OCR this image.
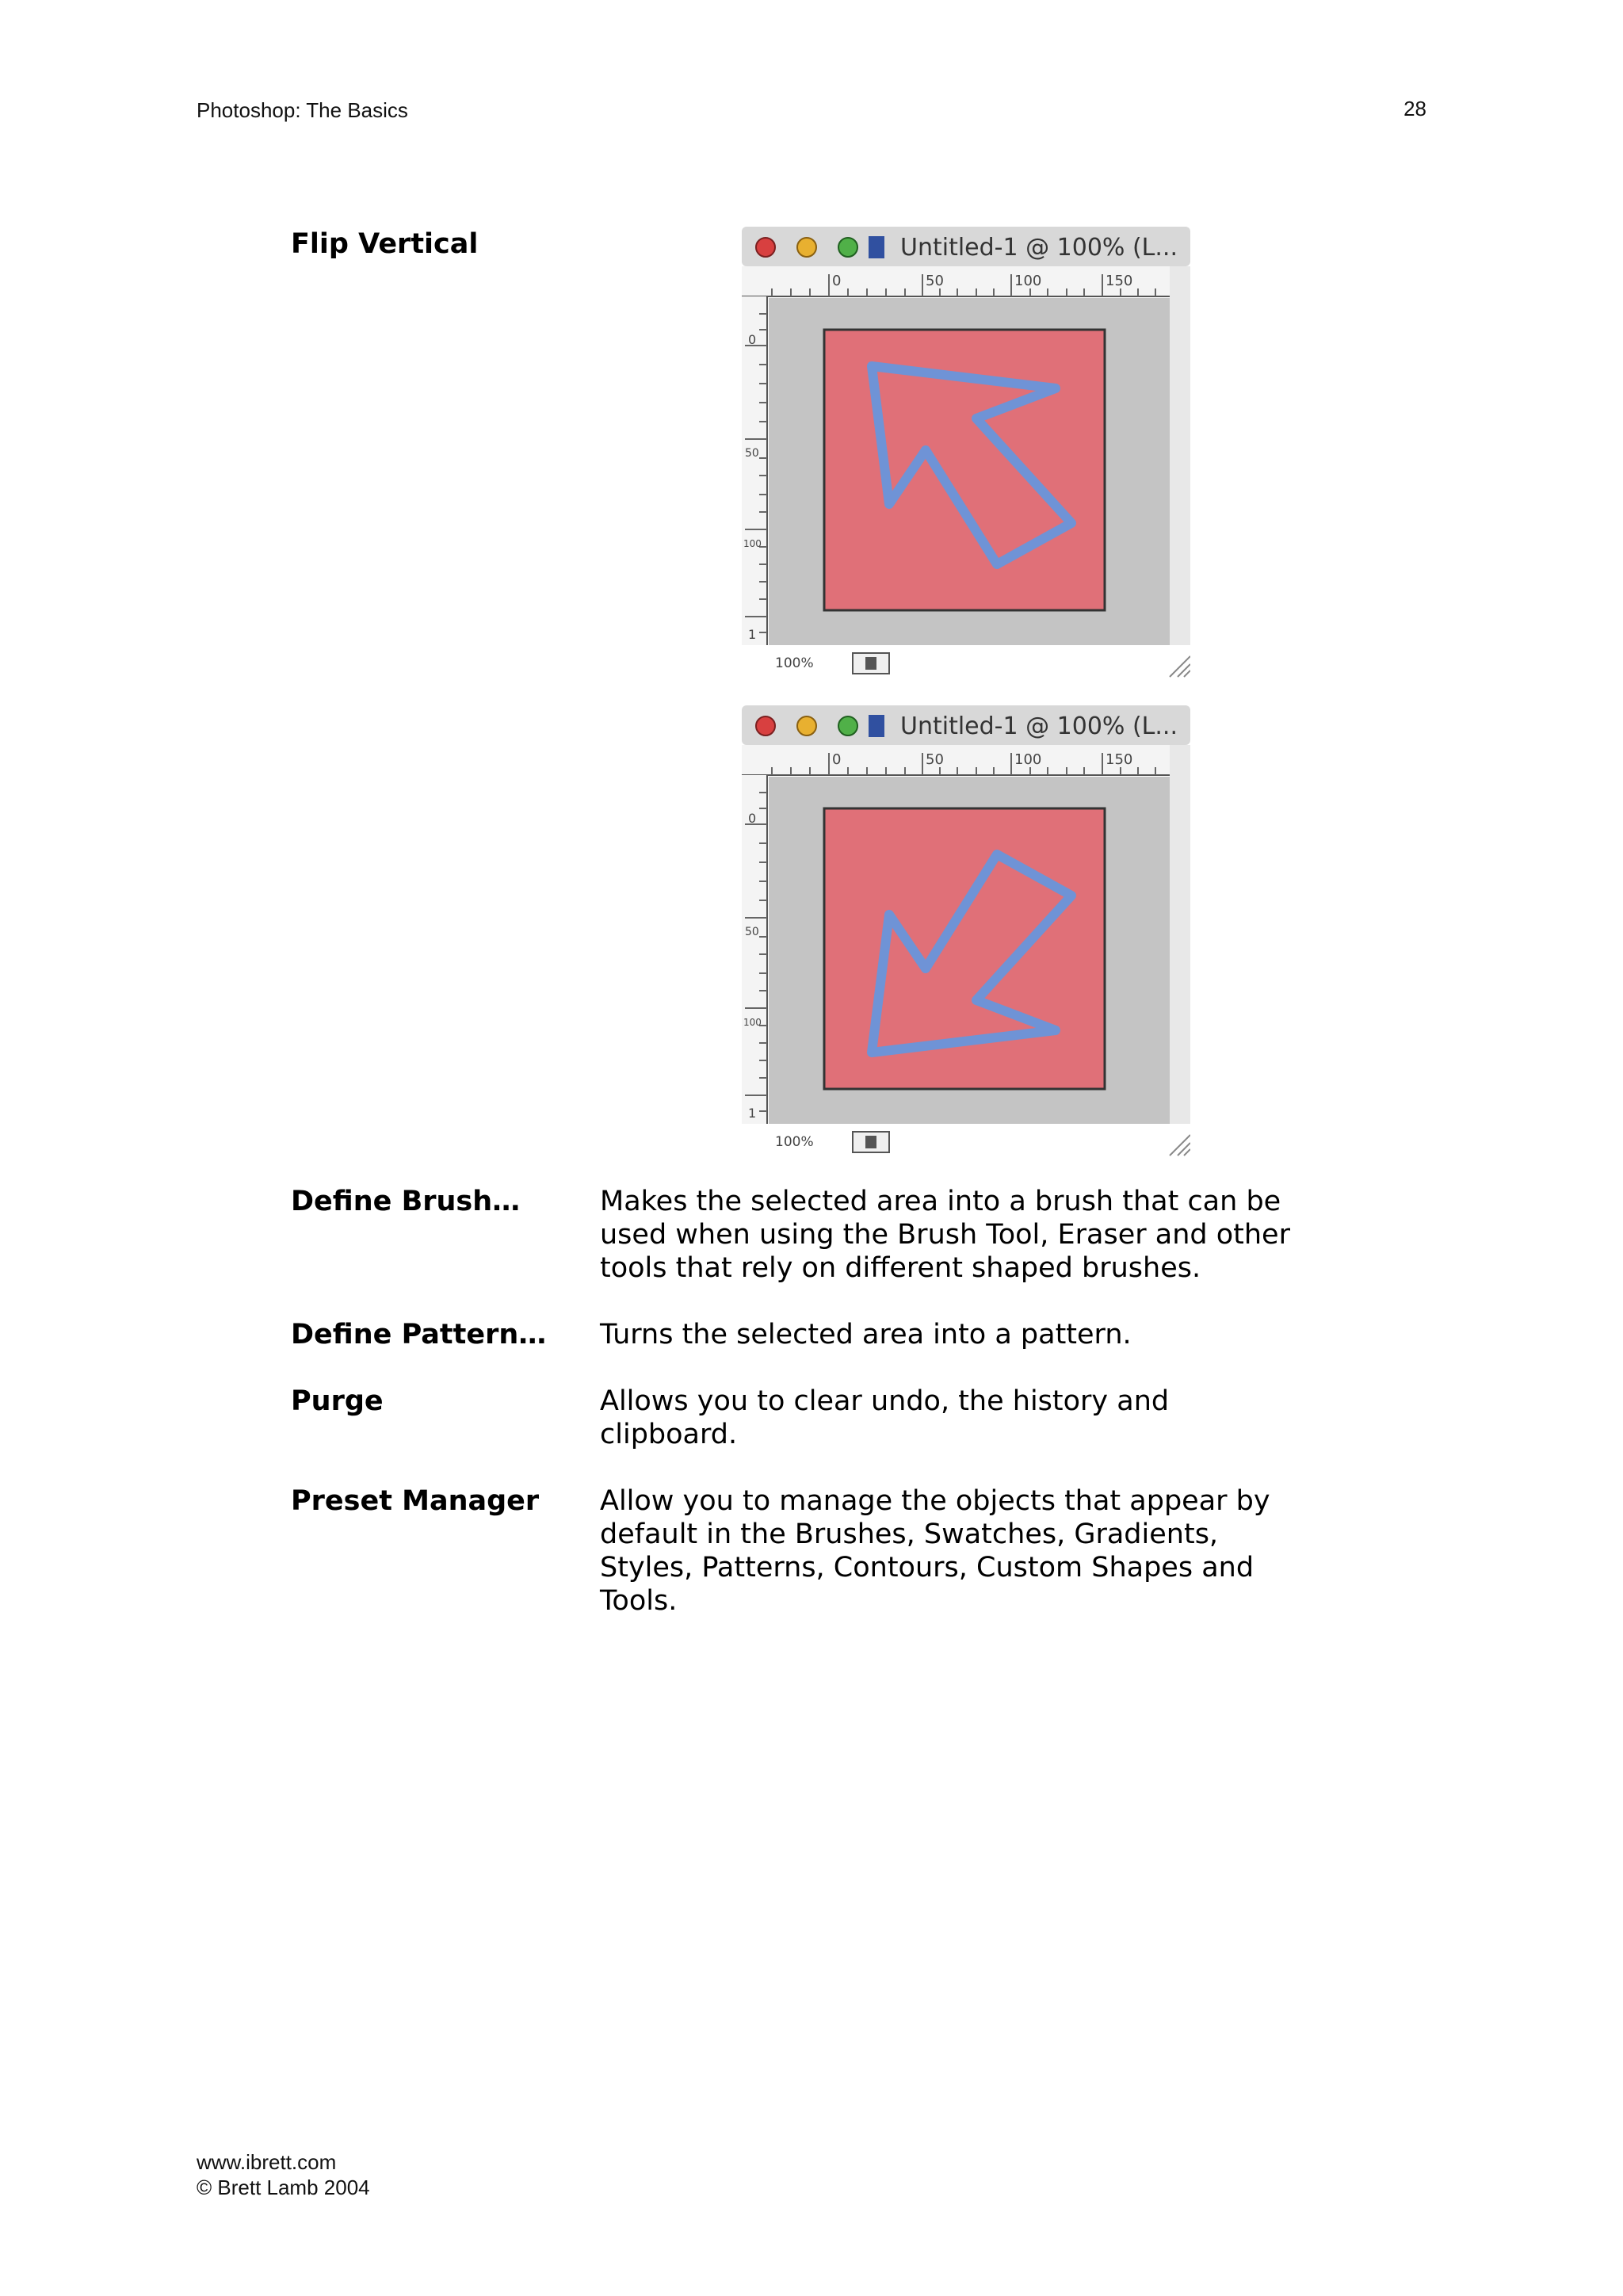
Photoshop: The Basics	28
Flip Vertical	Untitled-1 @ 100% (L...
0	50	100	150
0
50
100
1
100%
Untitled-1 @ 100% (L...
0	50	100	150
0
50
100
1
100%
Define Brush…	Makes the selected area into a brush that can be used when using the Brush Tool, Eraser and other tools that rely on different shaped brushes.
Define Pattern…	Turns the selected area into a pattern.
Purge	Allows you to clear undo, the history and clipboard.
Preset Manager	Allow you to manage the objects that appear by default in the Brushes, Swatches, Gradients, Styles, Patterns, Contours, Custom Shapes and Tools.
www.ibrett.com
© Brett Lamb 2004
